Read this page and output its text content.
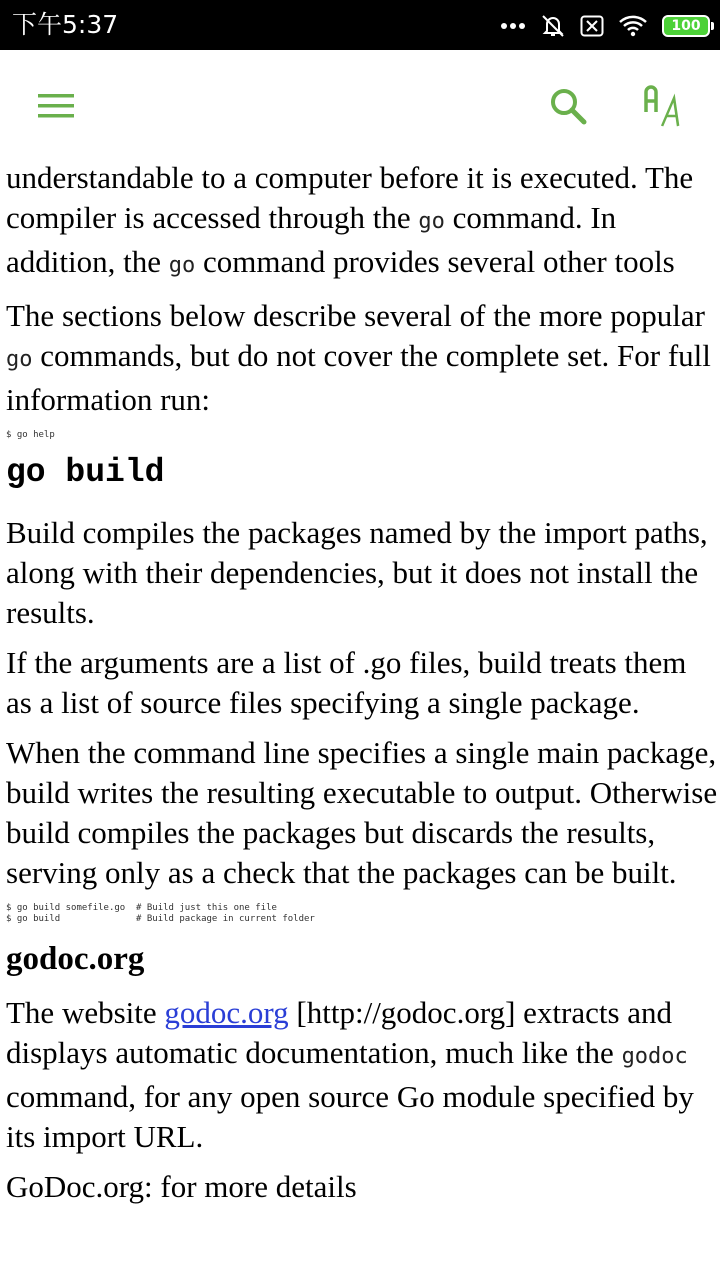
下午5:37	100

understandable to a computer before it is executed. The compiler is accessed through the go command. In addition, the go command provides several other tools

The sections below describe several of the more popular go commands, but do not cover the complete set. For full information run:

$ go help
go build

Build compiles the packages named by the import paths, along with their dependencies, but it does not install the results.

If the arguments are a list of .go files, build treats them as a list of source files specifying a single package.

When the command line specifies a single main package, build writes the resulting executable to output. Otherwise build compiles the packages but discards the results, serving only as a check that the packages can be built.

$ go build somefile.go  # Build just this one file
$ go build              # Build package in current folder
godoc.org

The website godoc.org [http://godoc.org] extracts and displays automatic documentation, much like the godoc command, for any open source Go module specified by its import URL.

GoDoc.org: for more details
